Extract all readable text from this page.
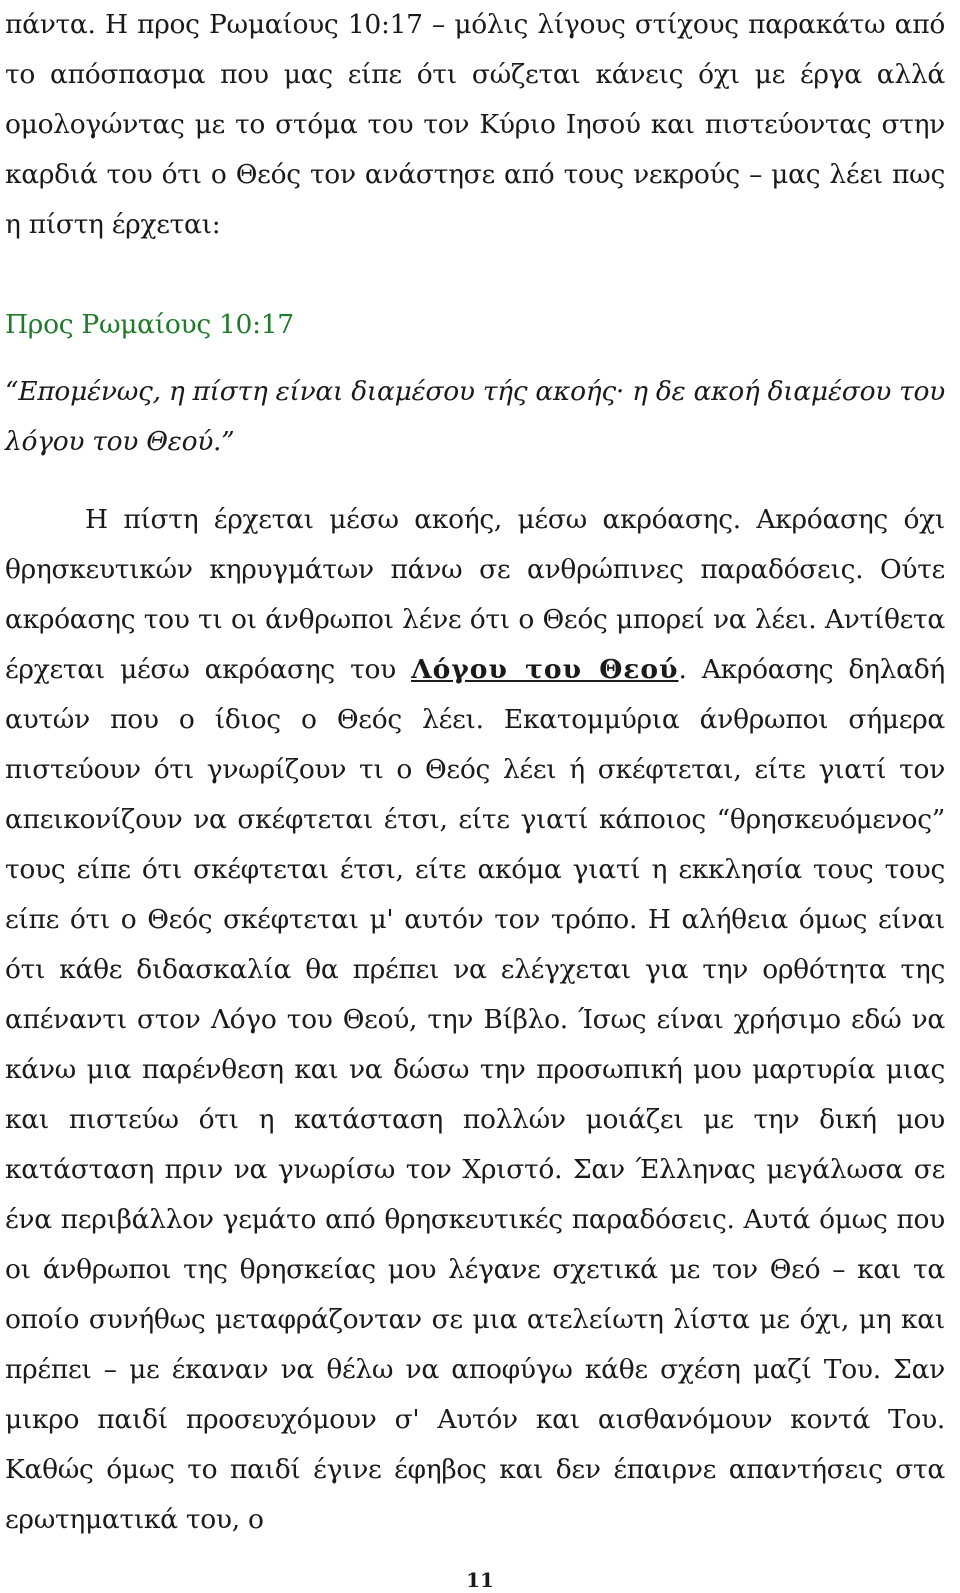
πάντα. Η προς Ρωμαίους 10:17 – μόλις λίγους στίχους παρακάτω από το απόσπασμα που μας είπε ότι σώζεται κάνεις όχι με έργα αλλά ομολογώντας με το στόμα του τον Κύριο Ιησού και πιστεύοντας στην καρδιά του ότι ο Θεός τον ανάστησε από τους νεκρούς – μας λέει πως η πίστη έρχεται:

Προς Ρωμαίους 10:17

“Επομένως, η πίστη είναι διαμέσου τής ακοής· η δε ακοή διαμέσου του λόγου του Θεού.”

Η πίστη έρχεται μέσω ακοής, μέσω ακρόασης. Ακρόασης όχι θρησκευτικών κηρυγμάτων πάνω σε ανθρώπινες παραδόσεις. Ούτε ακρόασης του τι οι άνθρωποι λένε ότι ο Θεός μπορεί να λέει. Αντίθετα έρχεται μέσω ακρόασης του Λόγου του Θεού. Ακρόασης δηλαδή αυτών που ο ίδιος ο Θεός λέει. Εκατομμύρια άνθρωποι σήμερα πιστεύουν ότι γνωρίζουν τι ο Θεός λέει ή σκέφτεται, είτε γιατί τον απεικονίζουν να σκέφτεται έτσι, είτε γιατί κάποιος “θρησκευόμενος” τους είπε ότι σκέφτεται έτσι, είτε ακόμα γιατί η εκκλησία τους τους είπε ότι ο Θεός σκέφτεται μ' αυτόν τον τρόπο. Η αλήθεια όμως είναι ότι κάθε διδασκαλία θα πρέπει να ελέγχεται για την ορθότητα της απέναντι στον Λόγο του Θεού, την Βίβλο. Ίσως είναι χρήσιμο εδώ να κάνω μια παρένθεση και να δώσω την προσωπική μου μαρτυρία μιας και πιστεύω ότι η κατάσταση πολλών μοιάζει με την δική μου κατάσταση πριν να γνωρίσω τον Χριστό. Σαν Έλληνας μεγάλωσα σε ένα περιβάλλον γεμάτο από θρησκευτικές παραδόσεις. Αυτά όμως που οι άνθρωποι της θρησκείας μου λέγανε σχετικά με τον Θεό – και τα οποίο συνήθως μεταφράζονταν σε μια ατελείωτη λίστα με όχι, μη και πρέπει – με έκαναν να θέλω να αποφύγω κάθε σχέση μαζί Του. Σαν μικρο παιδί προσευχόμουν σ' Αυτόν και αισθανόμουν κοντά Του. Καθώς όμως το παιδί έγινε έφηβος και δεν έπαιρνε απαντήσεις στα ερωτηματικά του, ο

11
